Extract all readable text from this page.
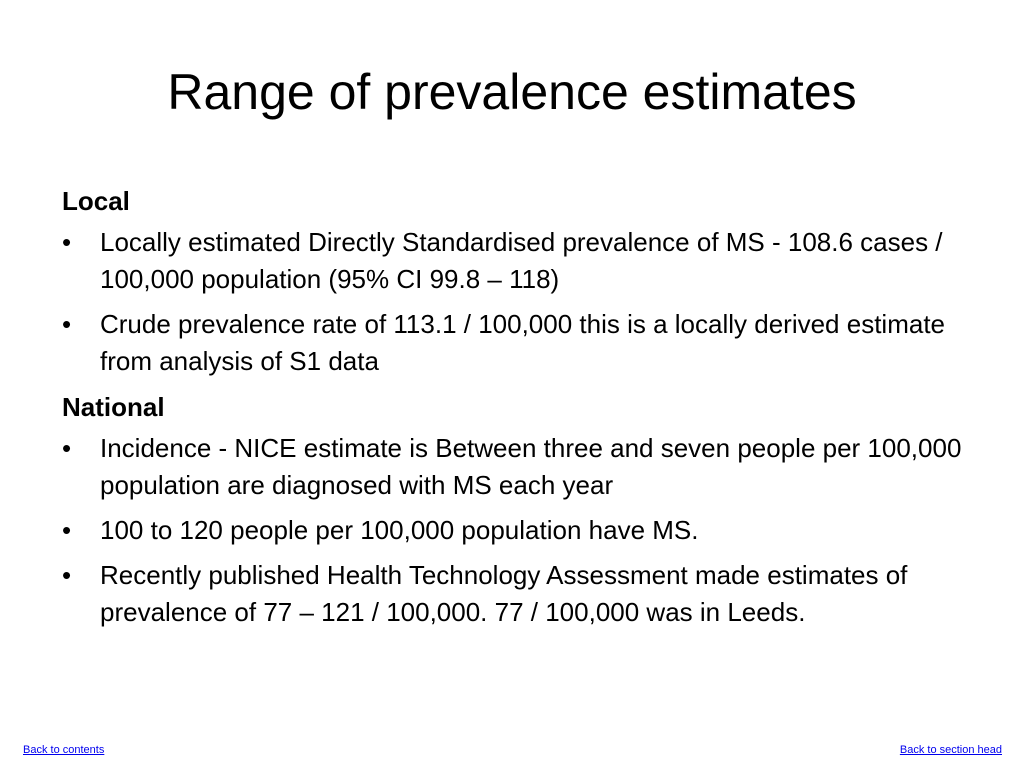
Range of prevalence estimates

Local

•	Locally estimated Directly Standardised prevalence of MS - 108.6 cases / 100,000 population (95% CI 99.8 – 118)
•	Crude prevalence rate of 113.1 / 100,000 this is a locally derived estimate from analysis of S1 data

National

•	Incidence - NICE estimate is Between three and seven people per 100,000 population are diagnosed with MS each year
•	100 to 120 people per 100,000 population have MS.
•	Recently published Health Technology Assessment made estimates of prevalence of 77 – 121 / 100,000. 77 / 100,000 was in Leeds.
Back to contents	Back to section head
